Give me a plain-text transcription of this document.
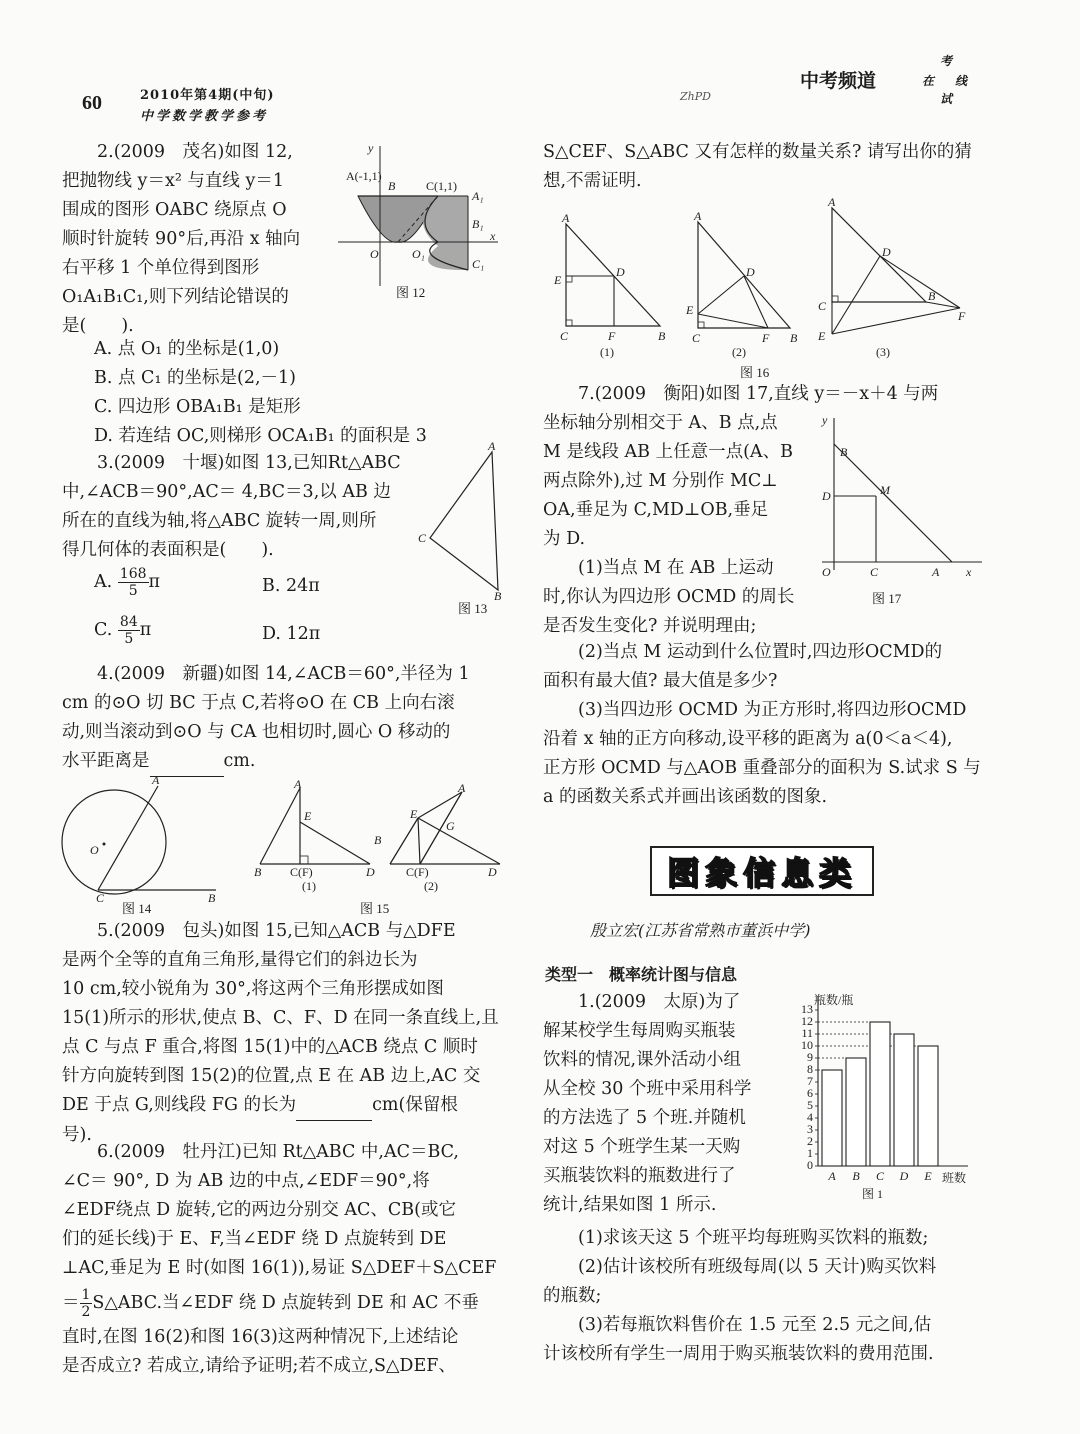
60	2010年第4期(中旬)
中学数学教学参考
ZhPD
中考频道
考
在 线
试

2.(2009　茂名)如图 12,

把抛物线 y＝x² 与直线 y＝1

围成的图形 OABC 绕原点 O

顺时针旋转 90°后,再沿 x 轴向

右平移 1 个单位得到图形

O₁A₁B₁C₁,则下列结论错误的

是(　　).

A. 点 O₁ 的坐标是(1,0)

B. 点 C₁ 的坐标是(2,－1)

C. 四边形 OBA₁B₁ 是矩形

D. 若连结 OC,则梯形 OCA₁B₁ 的面积是 3

y
A(-1,1)
B	C(1,1)
A₁
B₁
C₁
O	O₁
x
图 12

3.(2009　十堰)如图 13,已知Rt△ABC

中,∠ACB＝90°,AC＝ 4,BC＝3,以 AB 边

所在的直线为轴,将△ABC 旋转一周,则所

得几何体的表面积是(　　).

A. $\frac{168}{5}$ π	B. 24π
C. $\frac{84}{5}$ π	D. 12π
A
C
B
图 13

4.(2009　新疆)如图 14,∠ACB＝60°,半径为 1

cm 的⊙O 切 BC 于点 C,若将⊙O 在 CB 上向右滚

动,则当滚动到⊙O 与 CA 也相切时,圆心 O 移动的

水平距离是	cm.

A
O
C	B
图 14
A
E
B C(F)	D
(1)
A
E
G
B
C(F)	D
(2)
图 15

5.(2009　包头)如图 15,已知△ACB 与△DFE

是两个全等的直角三角形,量得它们的斜边长为

10 cm,较小锐角为 30°,将这两个三角形摆成如图

15(1)所示的形状,使点 B、C、F、D 在同一条直线上,且

点 C 与点 F 重合,将图 15(1)中的△ACB 绕点 C 顺时

针方向旋转到图 15(2)的位置,点 E 在 AB 边上,AC 交

DE 于点 G,则线段 FG 的长为	cm(保留根

号).

6.(2009　牡丹江)已知 Rt△ABC 中,AC＝BC,

∠C＝ 90°, D 为 AB 边的中点,∠EDF＝90°,将

∠EDF绕点 D 旋转,它的两边分别交 AC、CB(或它

们的延长线)于 E、F,当∠EDF 绕 D 点旋转到 DE

⊥AC,垂足为 E 时(如图 16(1)),易证 S△DEF＋S△CEF

＝ $\frac{1}{2}$ S△ABC.当∠EDF 绕 D 点旋转到 DE 和 AC 不垂

直时,在图 16(2)和图 16(3)这两种情况下,上述结论

是否成立? 若成立,请给予证明;若不成立,S△DEF、

S△CEF、S△ABC 又有怎样的数量关系? 请写出你的猜

想,不需证明.

A
E
D
C	F	B
(1)
A
D
E
C	F B
(2)
A
D
C
B
E
F
(3)
图 16

7.(2009　衡阳)如图 17,直线 y＝－x＋4 与两

坐标轴分别相交于 A、B 点,点

M 是线段 AB 上任意一点(A、B

两点除外),过 M 分别作 MC⊥

OA,垂足为 C,MD⊥OB,垂足

为 D.

(1)当点 M 在 AB 上运动

时,你认为四边形 OCMD 的周长

是否发生变化? 并说明理由;

y
B
D	M
O	C	A x
图 17

(2)当点 M 运动到什么位置时,四边形OCMD的

面积有最大值? 最大值是多少?

(3)当四边形 OCMD 为正方形时,将四边形OCMD

沿着 x 轴的正方向移动,设平移的距离为 a(0＜a＜4),

正方形 OCMD 与△AOB 重叠部分的面积为 S.试求 S 与

a 的函数关系式并画出该函数的图象.

图象信息类
殷立宏(江苏省常熟市董浜中学)
类型一　概率统计图与信息

1.(2009　太原)为了

解某校学生每周购买瓶装

饮料的情况,课外活动小组

从全校 30 个班中采用科学

的方法选了 5 个班.并随机

对这 5 个班学生某一天购

买瓶装饮料的瓶数进行了

统计,结果如图 1 所示.

0
1
2
3
4
5
6
7
8
9
10
11
12
13
A B C D E
瓶数/瓶
班数
图 1

(1)求该天这 5 个班平均每班购买饮料的瓶数;

(2)估计该校所有班级每周(以 5 天计)购买饮料

的瓶数;

(3)若每瓶饮料售价在 1.5 元至 2.5 元之间,估

计该校所有学生一周用于购买瓶装饮料的费用范围.
